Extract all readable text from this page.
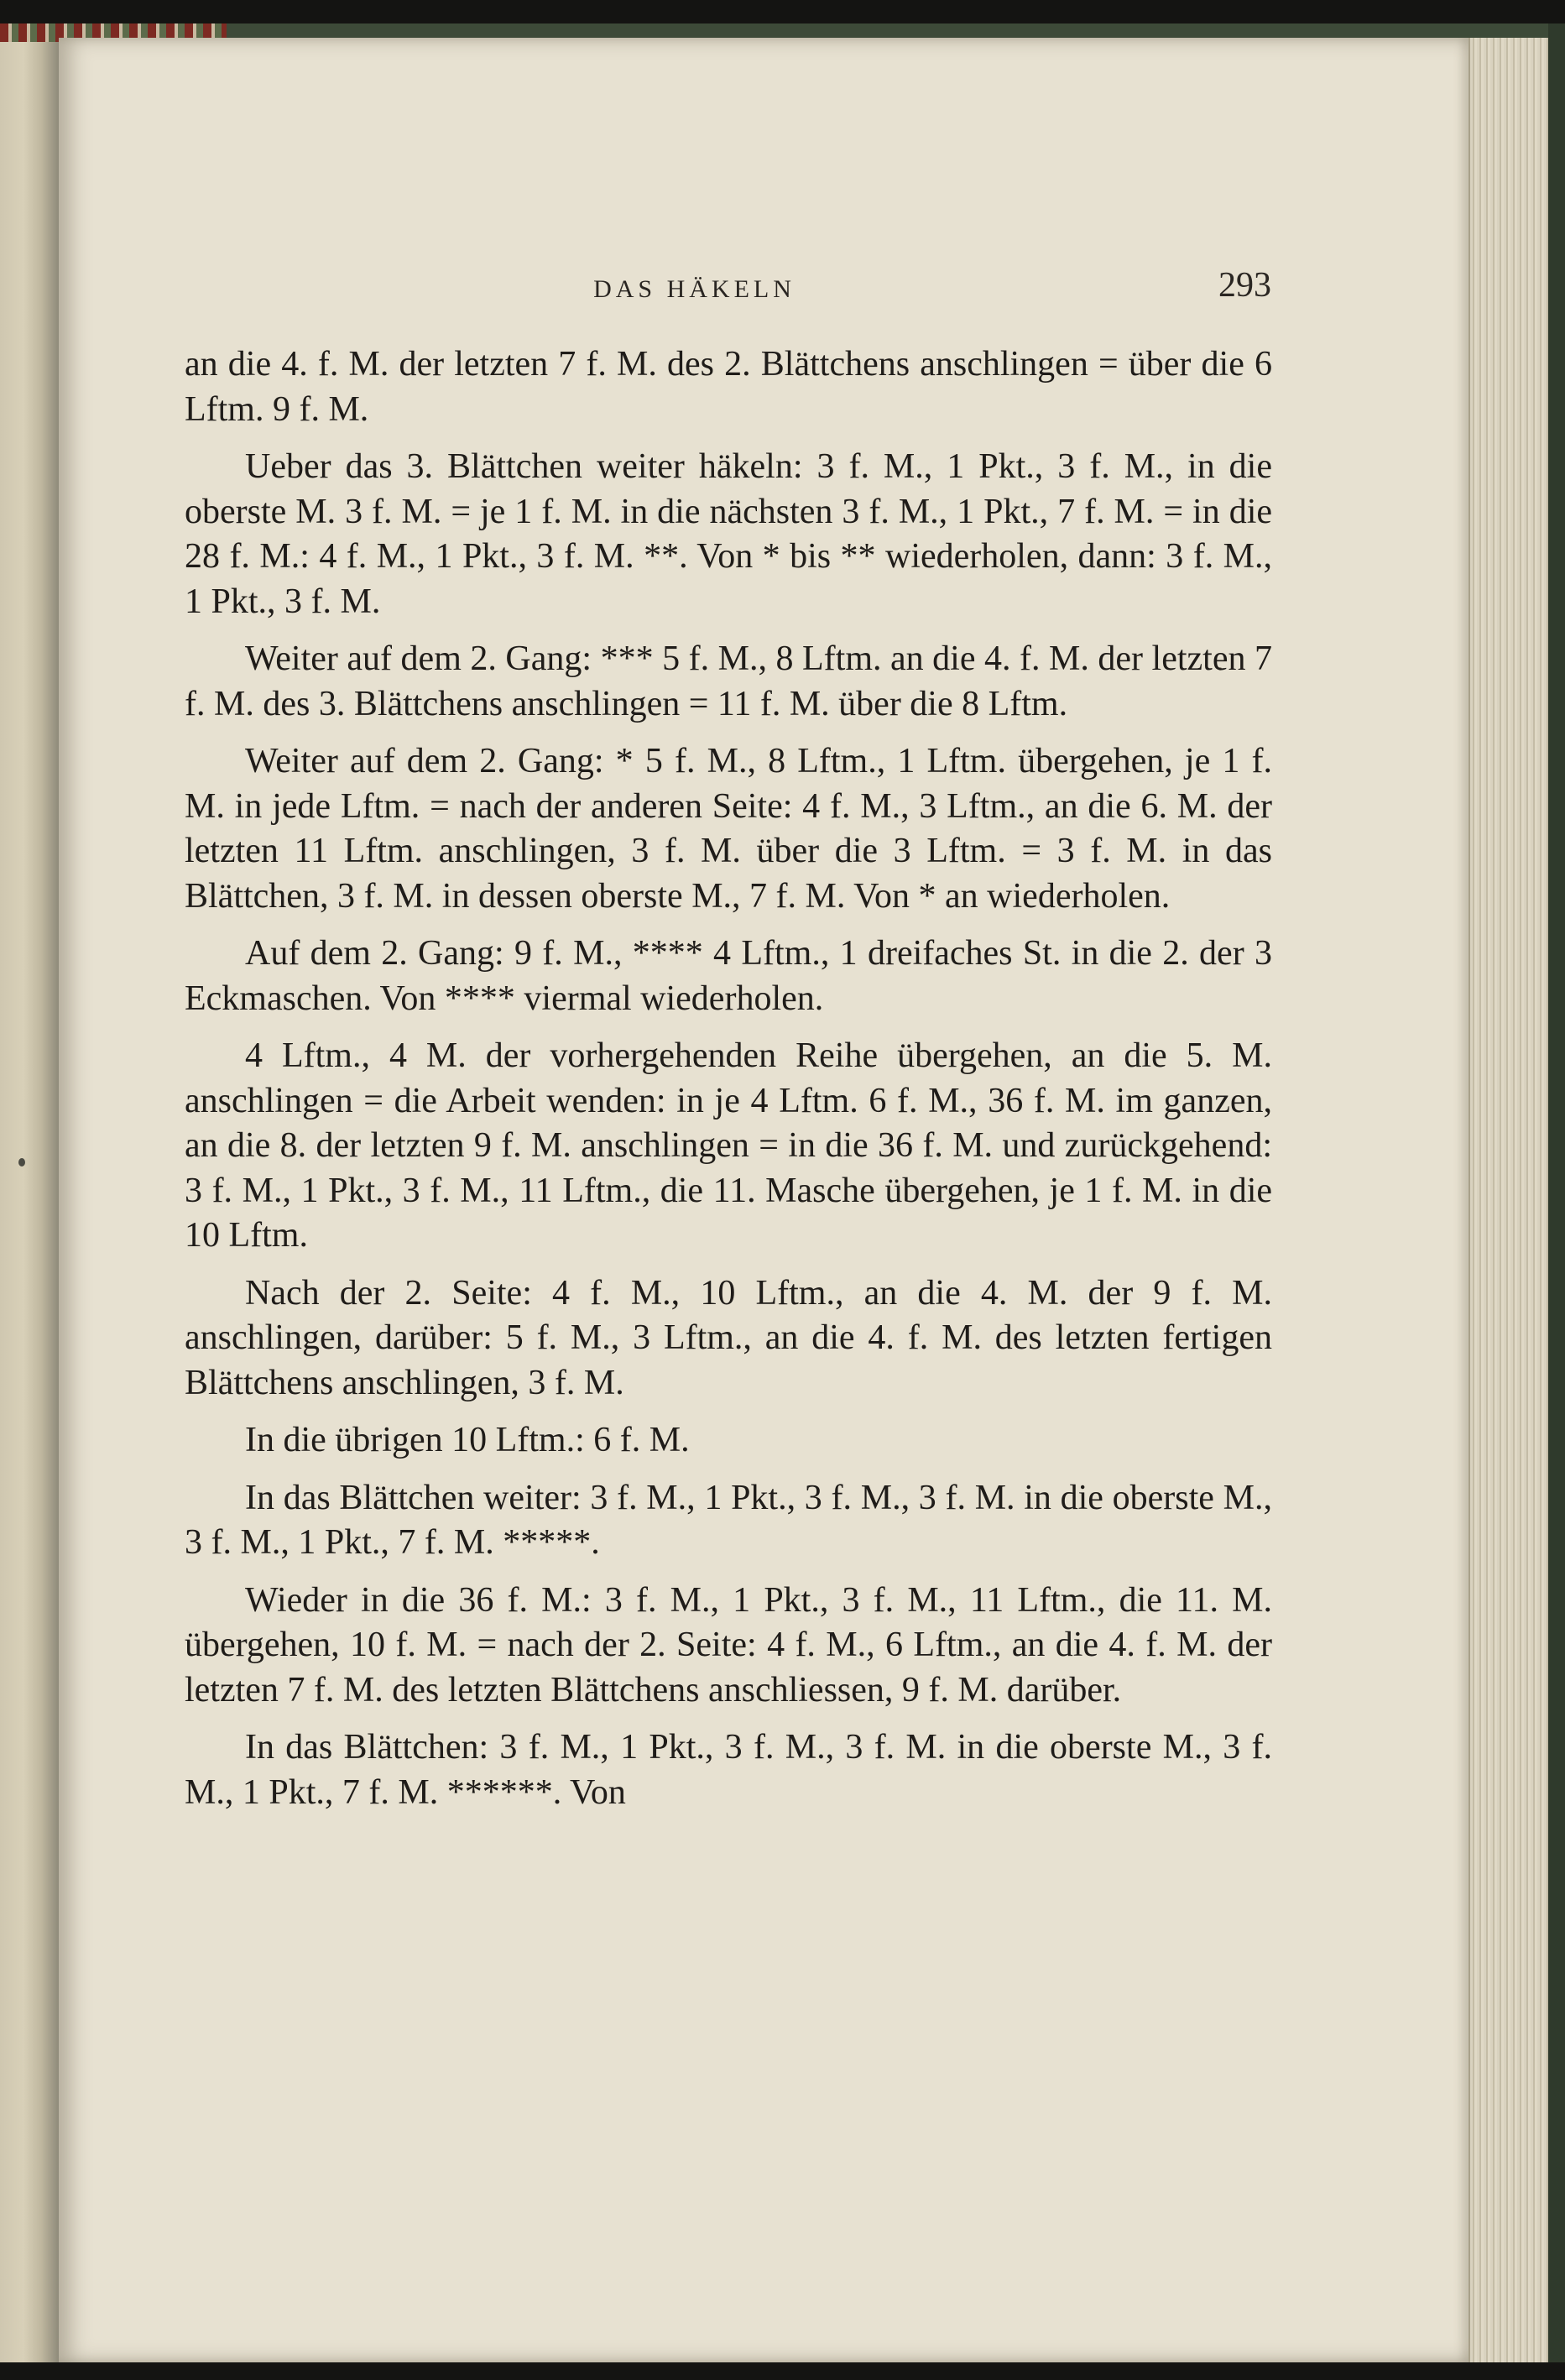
DAS HÄKELN	293

an die 4. f. M. der letzten 7 f. M. des 2. Blättchens anschlingen = über die 6 Lftm. 9 f. M.

Ueber das 3. Blättchen weiter häkeln: 3 f. M., 1 Pkt., 3 f. M., in die oberste M. 3 f. M. = je 1 f. M. in die nächsten 3 f. M., 1 Pkt., 7 f. M. = in die 28 f. M.: 4 f. M., 1 Pkt., 3 f. M. **. Von * bis ** wiederholen, dann: 3 f. M., 1 Pkt., 3 f. M.

Weiter auf dem 2. Gang: *** 5 f. M., 8 Lftm. an die 4. f. M. der letzten 7 f. M. des 3. Blättchens anschlingen = 11 f. M. über die 8 Lftm.

Weiter auf dem 2. Gang: * 5 f. M., 8 Lftm., 1 Lftm. übergehen, je 1 f. M. in jede Lftm. = nach der anderen Seite: 4 f. M., 3 Lftm., an die 6. M. der letzten 11 Lftm. anschlingen, 3 f. M. über die 3 Lftm. = 3 f. M. in das Blättchen, 3 f. M. in dessen oberste M., 7 f. M. Von * an wiederholen.

Auf dem 2. Gang: 9 f. M., **** 4 Lftm., 1 dreifaches St. in die 2. der 3 Eckmaschen. Von **** viermal wiederholen.

4 Lftm., 4 M. der vorhergehenden Reihe übergehen, an die 5. M. anschlingen = die Arbeit wenden: in je 4 Lftm. 6 f. M., 36 f. M. im ganzen, an die 8. der letzten 9 f. M. anschlingen = in die 36 f. M. und zurückgehend: 3 f. M., 1 Pkt., 3 f. M., 11 Lftm., die 11. Masche übergehen, je 1 f. M. in die 10 Lftm.

Nach der 2. Seite: 4 f. M., 10 Lftm., an die 4. M. der 9 f. M. anschlingen, darüber: 5 f. M., 3 Lftm., an die 4. f. M. des letzten fertigen Blättchens anschlingen, 3 f. M.

In die übrigen 10 Lftm.: 6 f. M.

In das Blättchen weiter: 3 f. M., 1 Pkt., 3 f. M., 3 f. M. in die oberste M., 3 f. M., 1 Pkt., 7 f. M. *****.

Wieder in die 36 f. M.: 3 f. M., 1 Pkt., 3 f. M., 11 Lftm., die 11. M. übergehen, 10 f. M. = nach der 2. Seite: 4 f. M., 6 Lftm., an die 4. f. M. der letzten 7 f. M. des letzten Blättchens anschliessen, 9 f. M. darüber.

In das Blättchen: 3 f. M., 1 Pkt., 3 f. M., 3 f. M. in die oberste M., 3 f. M., 1 Pkt., 7 f. M. ******. Von
